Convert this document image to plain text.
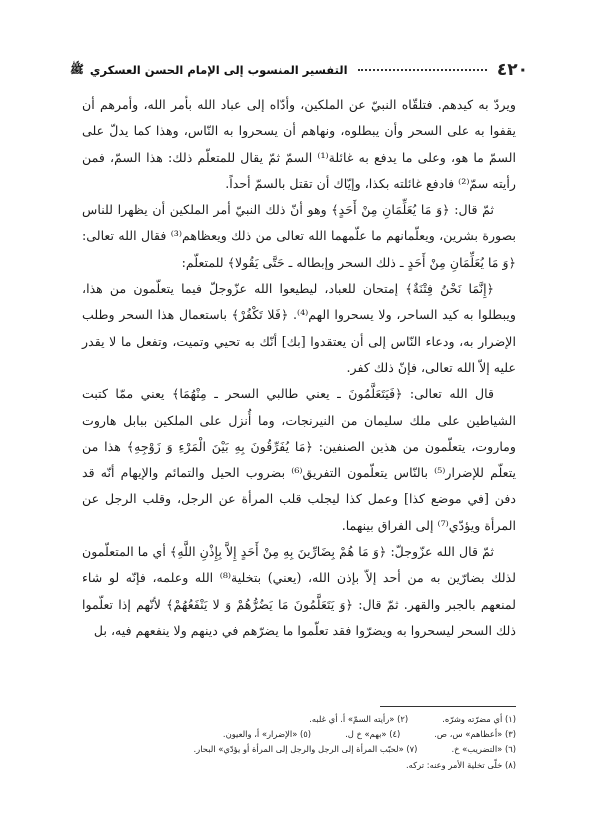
٤٢٠
التفسير المنسوب إلى الإمام الحسن العسكري
ﷺ

ويردّ به كيدهم. فتلقّاه النبيّ عن الملكين، وأدّاه إلى عباد الله بأمر الله، وأمرهم أن يقفوا به على السحر وأن يبطلوه، ونهاهم أن يسحروا به النّاس، وهذا كما يدلّ على السمّ ما هو، وعلى ما يدفع به غائلة⁽¹⁾ السمّ ثمّ يقال للمتعلّم ذلك: هذا السمّ، فمن رأيته سمّ⁽²⁾ فادفع غائلته بكذا، وإيّاك أن تقتل بالسمّ أحداً.

ثمّ قال: ﴿وَ مَا يُعَلِّمَانِ مِنْ أَحَدٍ﴾ وهو أنّ ذلك النبيّ أمر الملكين أن يظهرا للناس بصورة بشرين، ويعلّمانهم ما علّمهما الله تعالى من ذلك ويعظاهم⁽³⁾ فقال الله تعالى: ﴿وَ مَا يُعَلِّمَانِ مِنْ أَحَدٍ ـ ذلك السحر وإبطاله ـ حَتَّى يَقُولا﴾ للمتعلّم:

﴿إِنَّمَا نَحْنُ فِتْنَةٌ﴾ إمتحان للعباد، ليطيعوا الله عزّوجلّ فيما يتعلّمون من هذا، ويبطلوا به كيد الساحر، ولا يسحروا الهم⁽⁴⁾. ﴿فَلا تَكْفُرْ﴾ باستعمال هذا السحر وطلب الإضرار به، ودعاء النّاس إلى أن يعتقدوا [بك] أنّك به تحيي وتميت، وتفعل ما لا يقدر عليه إلاّ الله تعالى، فإنّ ذلك كفر.

قال الله تعالى: ﴿فَيَتَعَلَّمُونَ ـ يعني طالبي السحر ـ مِنْهُمَا﴾ يعني ممّا كتبت الشياطين على ملك سليمان من النيرنجات، وما أُنزل على الملكين ببابل هاروت وماروت، يتعلّمون من هذين الصنفين: ﴿مَا يُفَرِّقُونَ بِهِ بَيْنَ الْمَرْءِ وَ زَوْجِهِ﴾ هذا من يتعلّم للإضرار⁽⁵⁾ بالنّاس يتعلّمون التفريق⁽⁶⁾ بضروب الحيل والتمائم والإيهام أنّه قد دفن [في موضع كذا] وعمل كذا ليجلب قلب المرأة عن الرجل، وقلب الرجل عن المرأة ويؤدّي⁽⁷⁾ إلى الفراق بينهما.

ثمّ قال الله عزّوجلّ: ﴿وَ مَا هُمْ بِضَارِّينَ بِهِ مِنْ أَحَدٍ إِلاَّ بِإِذْنِ اللَّهِ﴾ أي ما المتعلّمون لذلك بضارّين به من أحد إلاّ بإذن الله، (يعني) بتخلية⁽⁸⁾ الله وعلمه، فإنّه لو شاء لمنعهم بالجبر والقهر. ثمّ قال: ﴿وَ يَتَعَلَّمُونَ مَا يَضُرُّهُمْ وَ لا يَنْفَعُهُمْ﴾ لأنّهم إذا تعلّموا ذلك السحر ليسحروا به ويضرّوا فقد تعلّموا ما يضرّهم في دينهم ولا ينفعهم فيه، بل

(١) أي مضرّته وشرّه.
(٢) «رأيته السمّ» أ. أي غلبه.
(٣) «أعظاهم» س، ص.
(٤) «بهم» خ ل.
(٥) «الإضرار» أ، والعيون.
(٦) «التضريب» خ.
(٧) «لحبّب المرأة إلى الرجل والرجل إلى المرأة أو يؤدّي» البحار.
(٨) خلّى تخلية الأمر وعنه: تركه.
